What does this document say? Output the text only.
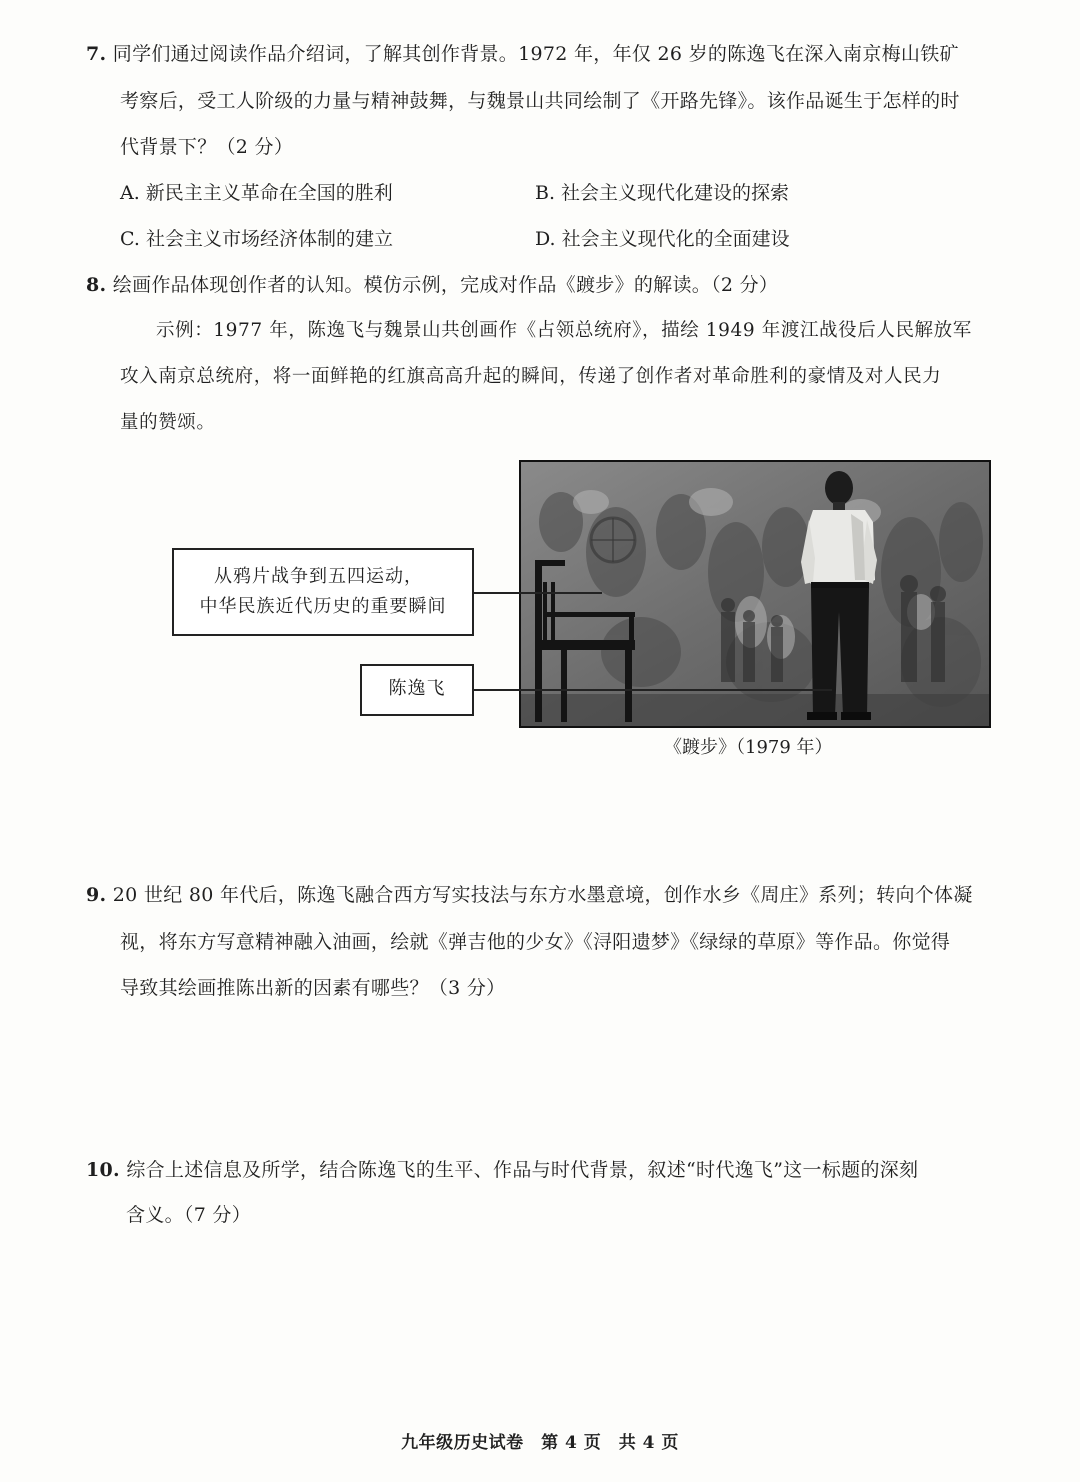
7. 同学们通过阅读作品介绍词，了解其创作背景。1972 年，年仅 26 岁的陈逸飞在深入南京梅山铁矿
考察后，受工人阶级的力量与精神鼓舞，与魏景山共同绘制了《开路先锋》。该作品诞生于怎样的时
代背景下？（2 分）
A. 新民主主义革命在全国的胜利	B. 社会主义现代化建设的探索
C. 社会主义市场经济体制的建立	D. 社会主义现代化的全面建设
8. 绘画作品体现创作者的认知。模仿示例，完成对作品《踱步》的解读。（2 分）
示例：1977 年，陈逸飞与魏景山共创画作《占领总统府》，描绘 1949 年渡江战役后人民解放军
攻入南京总统府，将一面鲜艳的红旗高高升起的瞬间，传递了创作者对革命胜利的豪情及对人民力
量的赞颂。
从鸦片战争到五四运动，
中华民族近代历史的重要瞬间
陈逸飞
《踱步》（1979 年）
9. 20 世纪 80 年代后，陈逸飞融合西方写实技法与东方水墨意境，创作水乡《周庄》系列；转向个体凝
视，将东方写意精神融入油画，绘就《弹吉他的少女》《浔阳遗梦》《绿绿的草原》等作品。你觉得
导致其绘画推陈出新的因素有哪些？（3 分）
10. 综合上述信息及所学，结合陈逸飞的生平、作品与时代背景，叙述“时代逸飞”这一标题的深刻
含义。（7 分）
九年级历史试卷　第 4 页　共 4 页
